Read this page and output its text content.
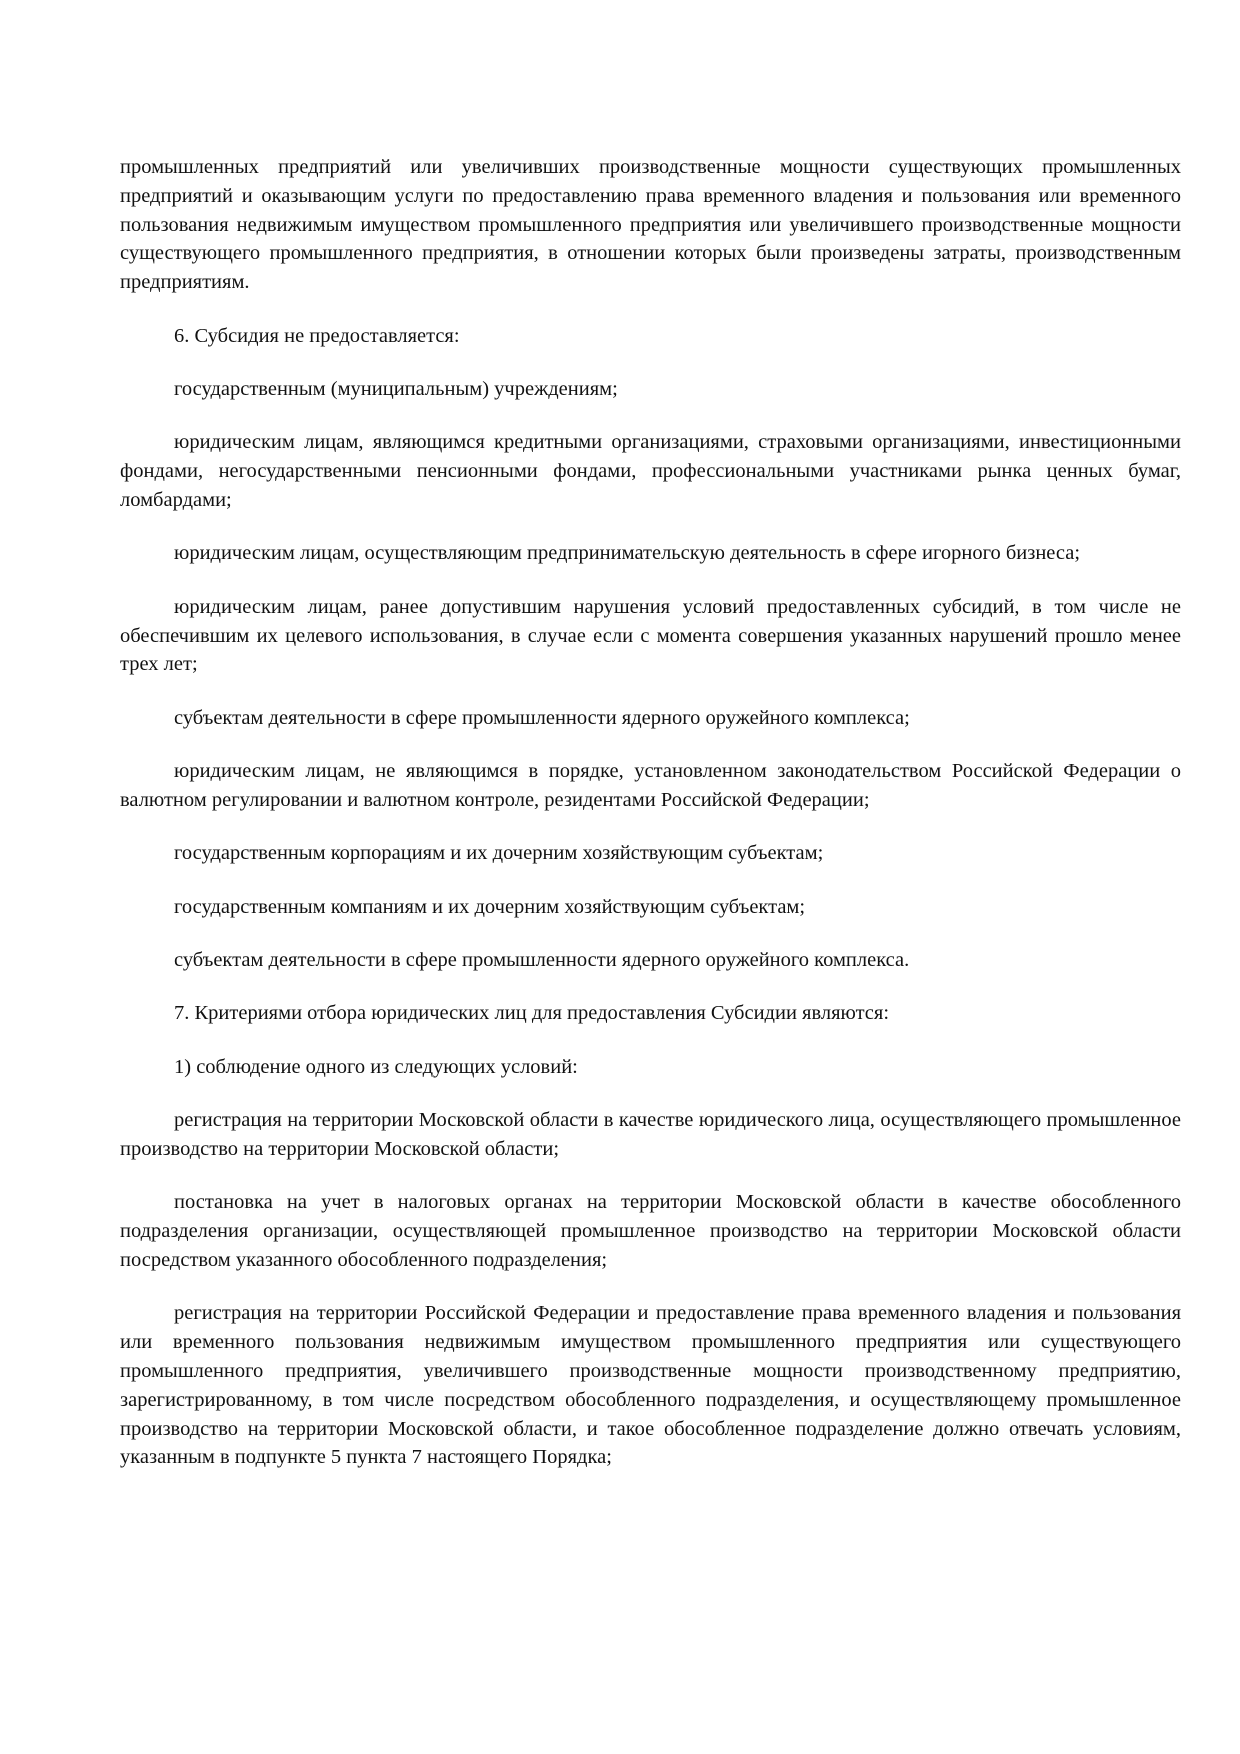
промышленных предприятий или увеличивших производственные мощности существующих промышленных предприятий и оказывающим услуги по предоставлению права временного владения и пользования или временного пользования недвижимым имуществом промышленного предприятия или увеличившего производственные мощности существующего промышленного предприятия, в отношении которых были произведены затраты, производственным предприятиям.

6. Субсидия не предоставляется:

государственным (муниципальным) учреждениям;

юридическим лицам, являющимся кредитными организациями, страховыми организациями, инвестиционными фондами, негосударственными пенсионными фондами, профессиональными участниками рынка ценных бумаг, ломбардами;

юридическим лицам, осуществляющим предпринимательскую деятельность в сфере игорного бизнеса;

юридическим лицам, ранее допустившим нарушения условий предоставленных субсидий, в том числе не обеспечившим их целевого использования, в случае если с момента совершения указанных нарушений прошло менее трех лет;

субъектам деятельности в сфере промышленности ядерного оружейного комплекса;

юридическим лицам, не являющимся в порядке, установленном законодательством Российской Федерации о валютном регулировании и валютном контроле, резидентами Российской Федерации;

государственным корпорациям и их дочерним хозяйствующим субъектам;

государственным компаниям и их дочерним хозяйствующим субъектам;

субъектам деятельности в сфере промышленности ядерного оружейного комплекса.

7. Критериями отбора юридических лиц для предоставления Субсидии являются:

1) соблюдение одного из следующих условий:

регистрация на территории Московской области в качестве юридического лица, осуществляющего промышленное производство на территории Московской области;

постановка на учет в налоговых органах на территории Московской области в качестве обособленного подразделения организации, осуществляющей промышленное производство на территории Московской области посредством указанного обособленного подразделения;

регистрация на территории Российской Федерации и предоставление права временного владения и пользования или временного пользования недвижимым имуществом промышленного предприятия или существующего промышленного предприятия, увеличившего производственные мощности производственному предприятию, зарегистрированному, в том числе посредством обособленного подразделения, и осуществляющему промышленное производство на территории Московской области, и такое обособленное подразделение должно отвечать условиям, указанным в подпункте 5 пункта 7 настоящего Порядка;
